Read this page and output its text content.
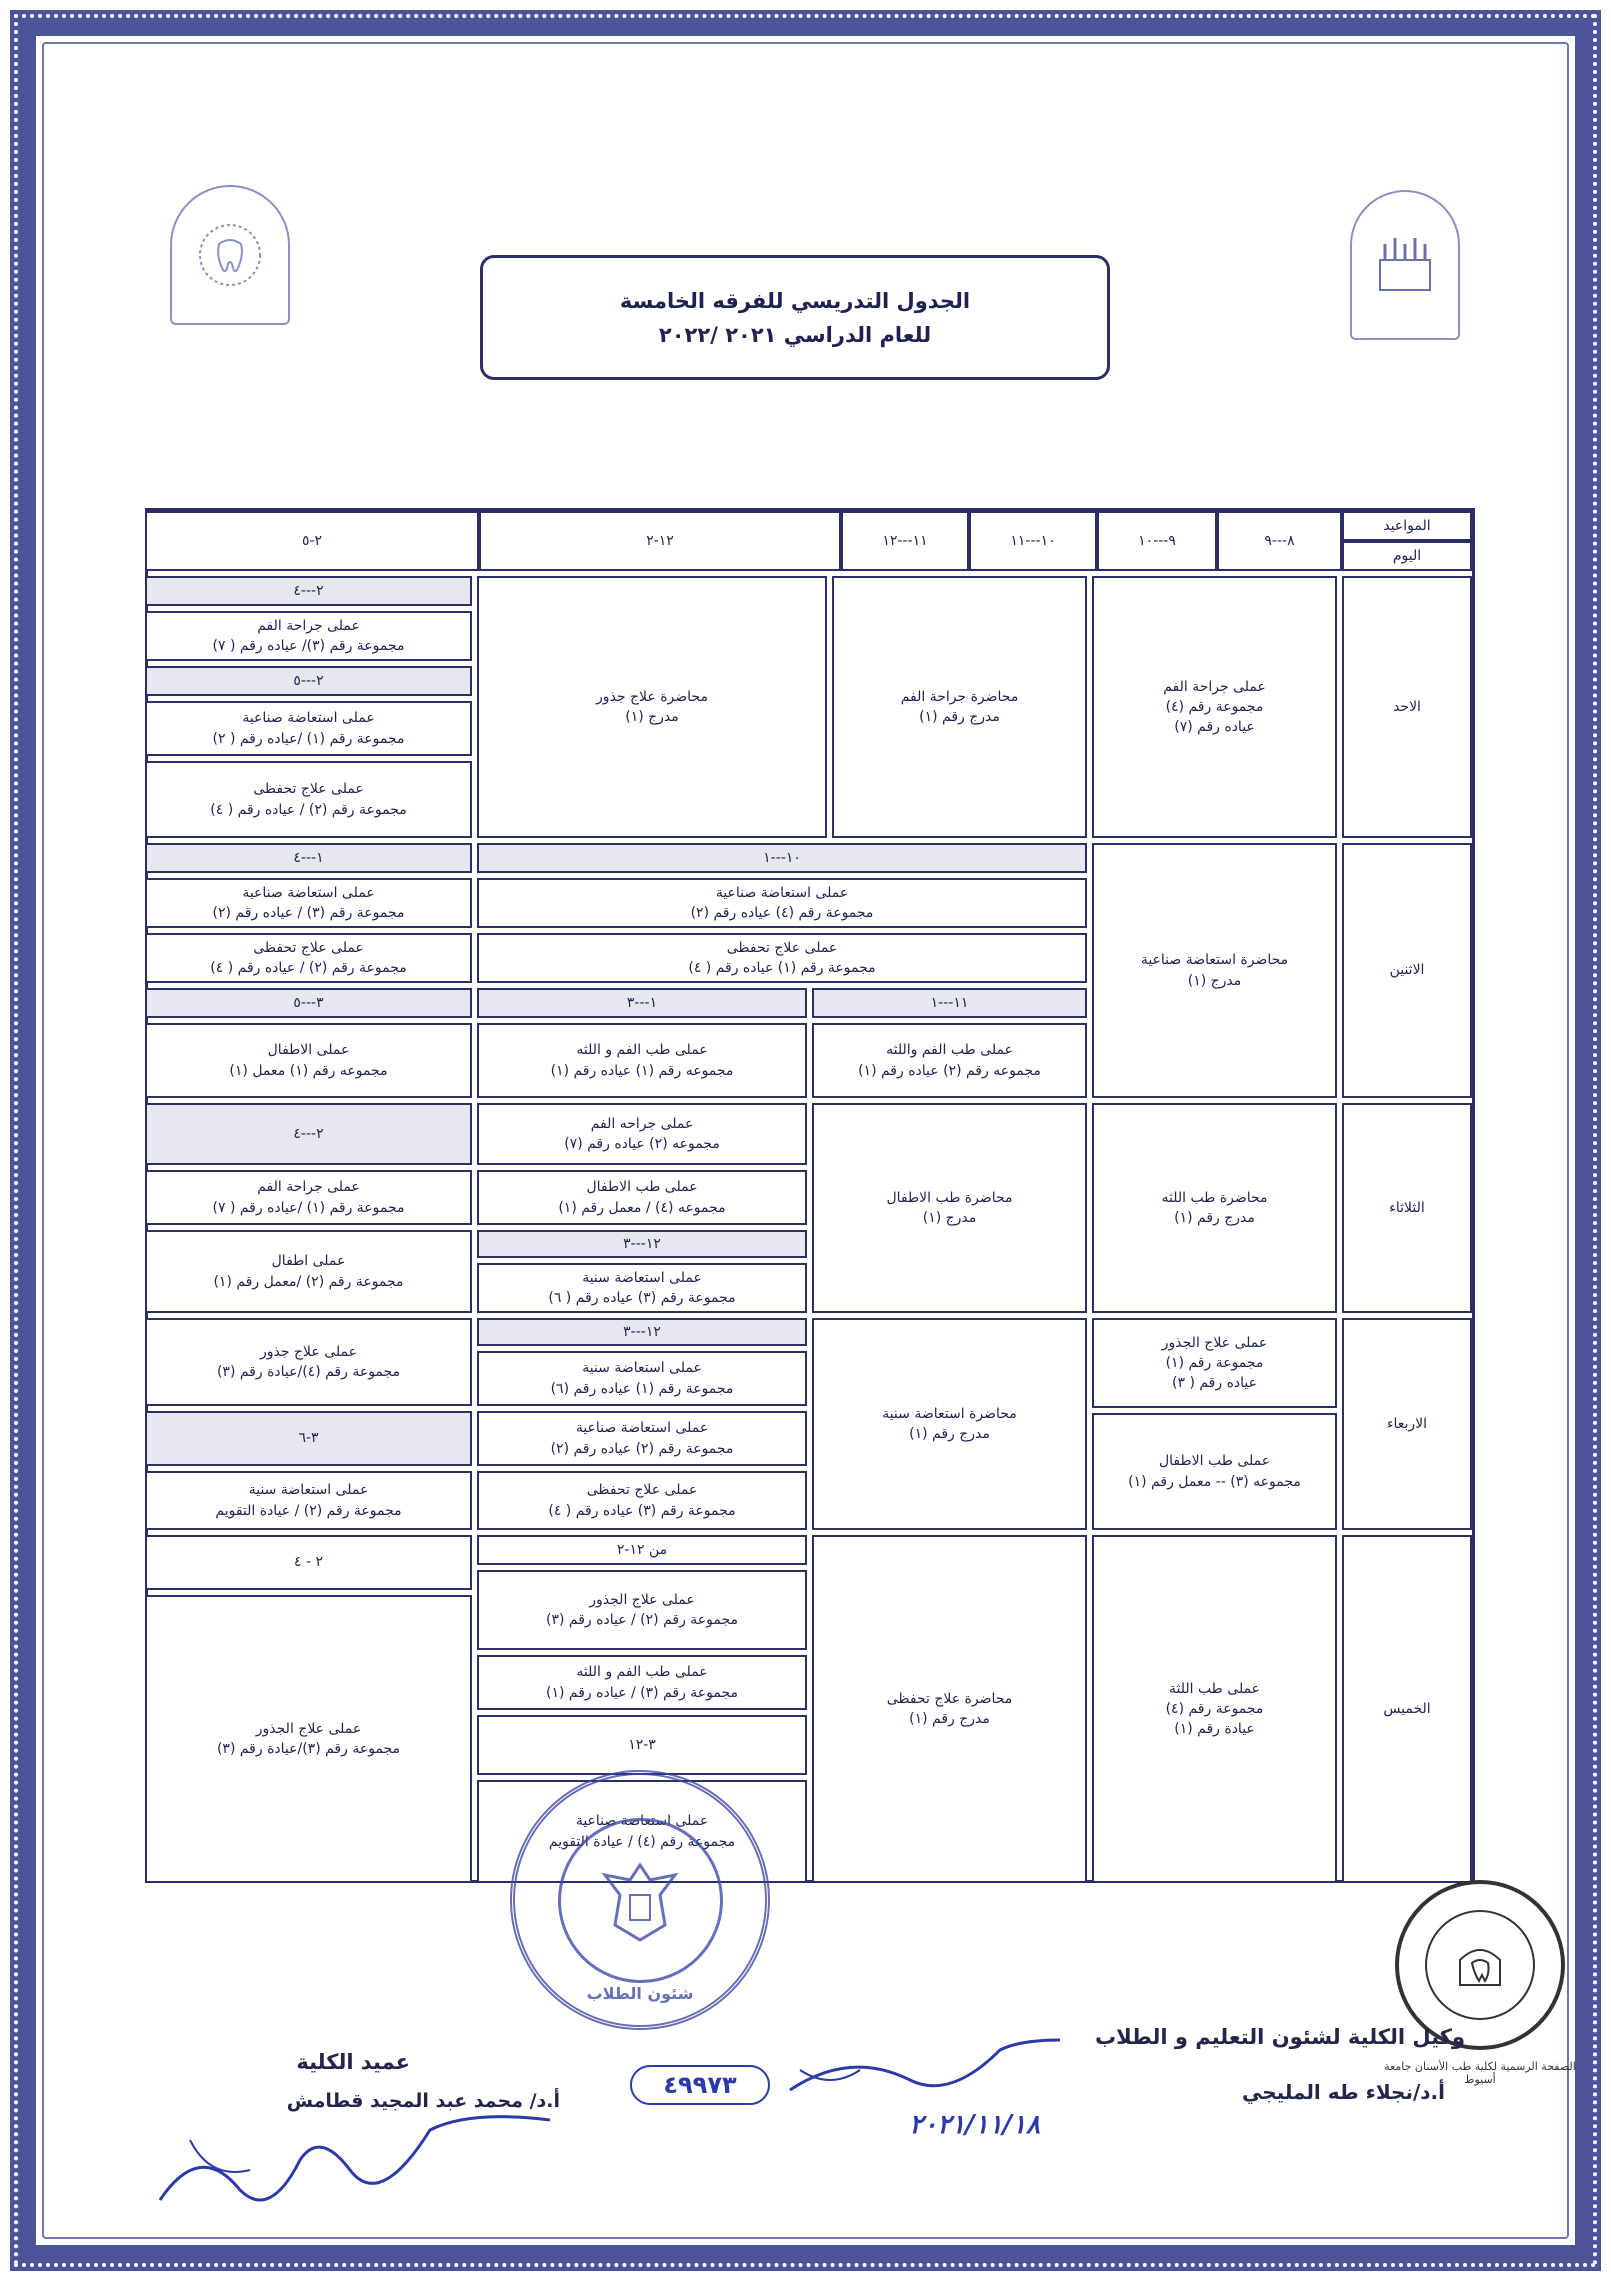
الجدول التدريسي للفرقه الخامسة
للعام الدراسي ٢٠٢١ /٢٠٢٢
المواعيد
اليوم
٨---٩
٩---١٠
١٠---١١
١١---١٢
١٢-٢
٢-٥
الاحد
الاثنين
الثلاثاء
الاربعاء
الخميس
عملى جراحة الفم
مجموعة رقم (٤)
عياده رقم (٧)
محاضرة جراحة الفم
مدرج رقم (١)
محاضرة علاج جذور
مدرج (١)
٢---٤
عملى جراحة الفم
مجموعة رقم (٣)/ عياده رقم ( ٧)
٢---٥
عملى استعاضة صناعية
مجموعة رقم (١) /عياده رقم ( ٢)
عملى علاج تحفظى
مجموعة رقم (٢) / عياده رقم ( ٤)
محاضرة استعاضة صناعية
مدرج (١)
١٠---١
١---٤
عملى استعاضة صناعية
مجموعة رقم (٤) عياده رقم (٢)
عملى استعاضة صناعية
مجموعة رقم (٣) / عياده رقم (٢)
عملى علاج تحفظى
مجموعة رقم (١) عياده رقم ( ٤)
عملى علاج تحفظى
مجموعة رقم (٢) / عياده رقم ( ٤)
١١---١
١---٣
٣---٥
عملى طب الفم واللثه
مجموعه رقم (٢) عياده رقم (١)
عملى طب الفم و اللثه
مجموعه رقم (١) عياده رقم (١)
عملى الاطفال
مجموعه رقم (١) معمل (١)
محاضرة طب اللثه
مدرج رقم (١)
محاضرة طب الاطفال
مدرج (١)
عملى جراحه الفم
مجموعه (٢) عياده رقم (٧)
عملى طب الاطفال
مجموعه (٤) / معمل رقم (١)
١٢---٣
عملى استعاضة سنية
مجموعة رقم (٣) عياده رقم ( ٦)
٢---٤
عملى جراحة الفم
مجموعة رقم (١) /عياده رقم ( ٧)
عملى اطفال
مجموعة رقم (٢) /معمل رقم (١)
عملى علاج الجذور
مجموعة رقم (١)
عياده رقم ( ٣)
عملى طب الاطفال
مجموعه (٣) -- معمل رقم (١)
محاضرة استعاضة سنية
مدرج رقم (١)
١٢---٣
عملى استعاضة سنية
مجموعة رقم (١) عياده رقم (٦)
عملى استعاضة صناعية
مجموعة رقم (٢) عياده رقم (٢)
عملى علاج تحفظى
مجموعة رقم (٣) عياده رقم ( ٤)
عملى علاج جذور
مجموعة رقم (٤)/عيادة رقم (٣)
٣-٦
عملى استعاضة سنية
مجموعة رقم (٢) / عيادة التقويم
عملى طب اللثة
مجموعة رقم (٤)
عيادة رقم (١)
محاضرة علاج تحفظى
مدرج رقم (١)
من ١٢-٢
عملى علاج الجذور
مجموعة رقم (٢) / عياده رقم (٣)
عملى طب الفم و اللثه
مجموعة رقم (٣) / عياده رقم (١)
٣-١٢
عملى استعاضة صناعية
مجموعة رقم (٤) / عيادة التقويم
٢ - ٤
عملى علاج الجذور
مجموعة رقم (٣)/عيادة رقم (٣)
شئون الطلاب
الصفحة الرسمية لكلية طب الأسنان جامعة أسيوط
وكيل الكلية لشئون التعليم و الطلاب
أ.د/نجلاء طه المليجي
عميد الكلية
أ.د/ محمد عبد المجيد قطامش
٤٩٩٧٣
٢٠٢١/١١/١٨
